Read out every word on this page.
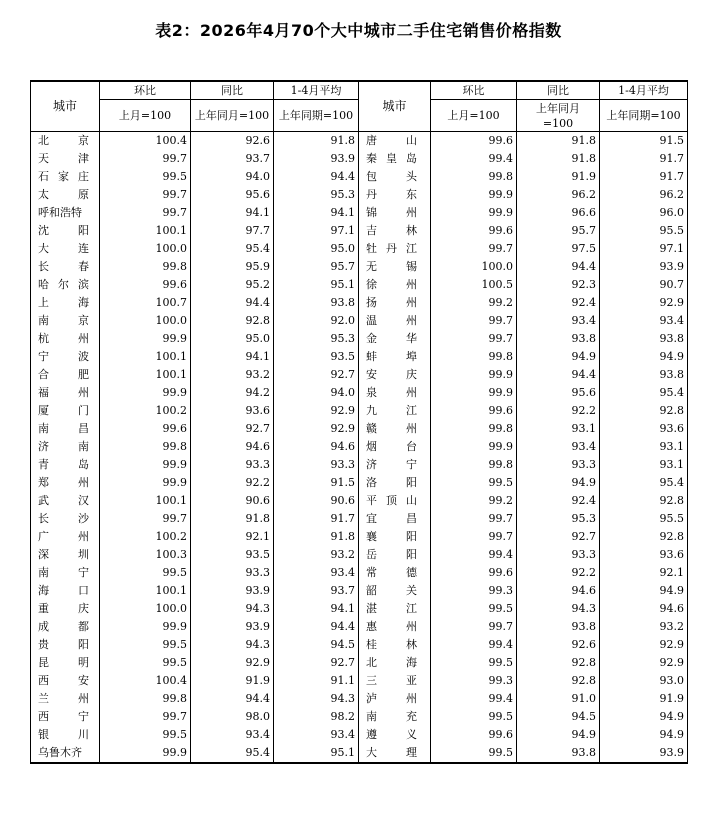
表2：2026年4月70个大中城市二手住宅销售价格指数
城市	环比	同比	1-4月平均	城市	环比	同比	1-4月平均
	上月=100	上年同月=100	上年同期=100		上月=100	上年同月=100	上年同期=100
北京	100.4	92.6	91.8	唐山	99.6	91.8	91.5
天津	99.7	93.7	93.9	秦皇岛	99.4	91.8	91.7
石家庄	99.5	94.0	94.4	包头	99.8	91.9	91.7
太原	99.7	95.6	95.3	丹东	99.9	96.2	96.2
呼和浩特	99.7	94.1	94.1	锦州	99.9	96.6	96.0
沈阳	100.1	97.7	97.1	吉林	99.6	95.7	95.5
大连	100.0	95.4	95.0	牡丹江	99.7	97.5	97.1
长春	99.8	95.9	95.7	无锡	100.0	94.4	93.9
哈尔滨	99.6	95.2	95.1	徐州	100.5	92.3	90.7
上海	100.7	94.4	93.8	扬州	99.2	92.4	92.9
南京	100.0	92.8	92.0	温州	99.7	93.4	93.4
杭州	99.9	95.0	95.3	金华	99.7	93.8	93.8
宁波	100.1	94.1	93.5	蚌埠	99.8	94.9	94.9
合肥	100.1	93.2	92.7	安庆	99.9	94.4	93.8
福州	99.9	94.2	94.0	泉州	99.9	95.6	95.4
厦门	100.2	93.6	92.9	九江	99.6	92.2	92.8
南昌	99.6	92.7	92.9	赣州	99.8	93.1	93.6
济南	99.8	94.6	94.6	烟台	99.9	93.4	93.1
青岛	99.9	93.3	93.3	济宁	99.8	93.3	93.1
郑州	99.9	92.2	91.5	洛阳	99.5	94.9	95.4
武汉	100.1	90.6	90.6	平顶山	99.2	92.4	92.8
长沙	99.7	91.8	91.7	宜昌	99.7	95.3	95.5
广州	100.2	92.1	91.8	襄阳	99.7	92.7	92.8
深圳	100.3	93.5	93.2	岳阳	99.4	93.3	93.6
南宁	99.5	93.3	93.4	常德	99.6	92.2	92.1
海口	100.1	93.9	93.7	韶关	99.3	94.6	94.9
重庆	100.0	94.3	94.1	湛江	99.5	94.3	94.6
成都	99.9	93.9	94.4	惠州	99.7	93.8	93.2
贵阳	99.5	94.3	94.5	桂林	99.4	92.6	92.9
昆明	99.5	92.9	92.7	北海	99.5	92.8	92.9
西安	100.4	91.9	91.1	三亚	99.3	92.8	93.0
兰州	99.8	94.4	94.3	泸州	99.4	91.0	91.9
西宁	99.7	98.0	98.2	南充	99.5	94.5	94.9
银川	99.5	93.4	93.4	遵义	99.6	94.9	94.9
乌鲁木齐	99.9	95.4	95.1	大理	99.5	93.8	93.9
